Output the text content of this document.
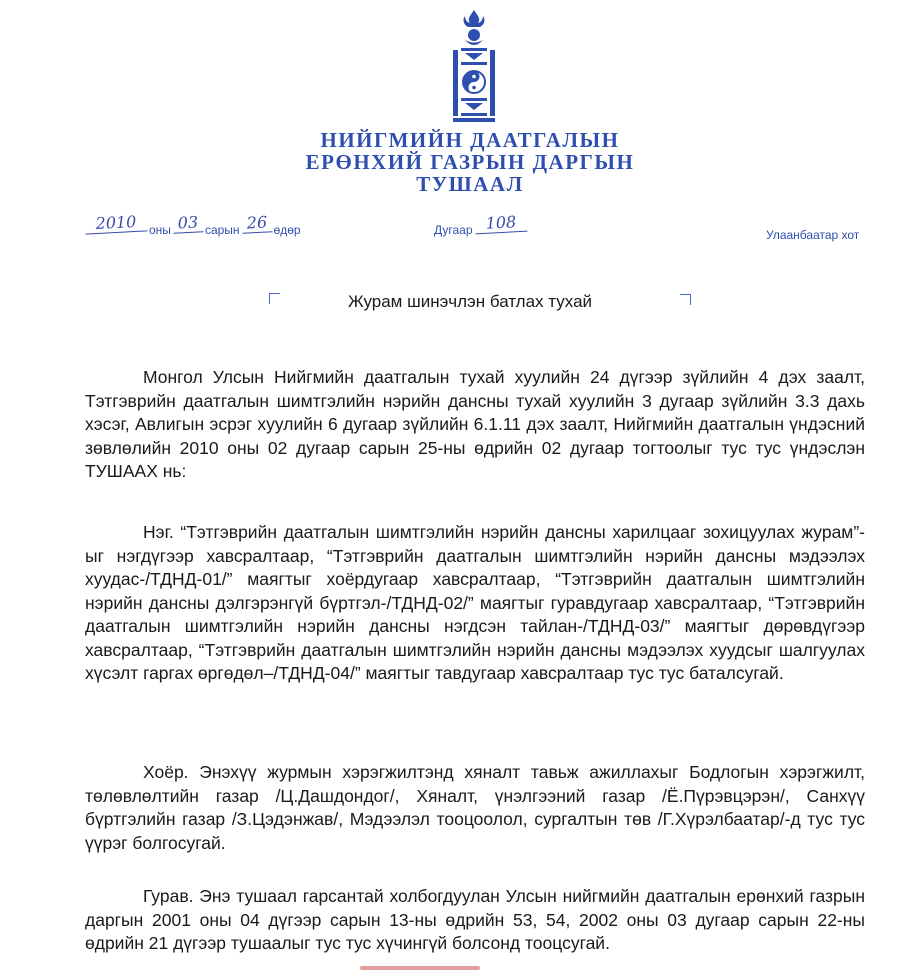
НИЙГМИЙН ДААТГАЛЫН
ЕРӨНХИЙ ГАЗРЫН ДАРГЫН
ТУШААЛ
2010 оны 03 сарын 26 өдөр	Дугаар 108
Улаанбаатар хот
Журам шинэчлэн батлах тухай

Монгол Улсын Нийгмийн даатгалын тухай хуулийн 24 дүгээр зүйлийн 4 дэх заалт, Тэтгэврийн даатгалын шимтгэлийн нэрийн дансны тухай хуулийн 3 дугаар зүйлийн 3.3 дахь хэсэг, Авлигын эсрэг хуулийн 6 дугаар зүйлийн 6.1.11 дэх заалт, Нийгмийн даатгалын үндэсний зөвлөлийн 2010 оны 02 дугаар сарын 25-ны өдрийн 02 дугаар тогтоолыг тус тус үндэслэн ТУШААХ нь:

Нэг. “Тэтгэврийн даатгалын шимтгэлийн нэрийн дансны харилцааг зохицуулах журам”-ыг нэгдүгээр хавсралтаар, “Тэтгэврийн даатгалын шимтгэлийн нэрийн дансны мэдээлэх хуудас-/ТДНД-01/” маягтыг хоёрдугаар хавсралтаар, “Тэтгэврийн даатгалын шимтгэлийн нэрийн дансны дэлгэрэнгүй бүртгэл-/ТДНД-02/” маягтыг гуравдугаар хавсралтаар, “Тэтгэврийн даатгалын шимтгэлийн нэрийн дансны нэгдсэн тайлан-/ТДНД-03/” маягтыг дөрөвдүгээр хавсралтаар, “Тэтгэврийн даатгалын шимтгэлийн нэрийн дансны мэдээлэх хуудсыг шалгуулах хүсэлт гаргах өргөдөл–/ТДНД-04/” маягтыг тавдугаар хавсралтаар тус тус баталсугай.

Хоёр. Энэхүү журмын хэрэгжилтэнд хяналт тавьж ажиллахыг Бодлогын хэрэгжилт, төлөвлөлтийн газар /Ц.Дашдондог/, Хяналт, үнэлгээний газар /Ё.Пүрэвцэрэн/, Санхүү бүртгэлийн газар /З.Цэдэнжав/, Мэдээлэл тооцоолол, сургалтын төв /Г.Хүрэлбаатар/-д тус тус үүрэг болгосугай.

Гурав. Энэ тушаал гарсантай холбогдуулан Улсын нийгмийн даатгалын ерөнхий газрын даргын 2001 оны 04 дүгээр сарын 13-ны өдрийн 53, 54, 2002 оны 03 дугаар сарын 22-ны өдрийн 21 дүгээр тушаалыг тус тус хүчингүй болсонд тооцсугай.
